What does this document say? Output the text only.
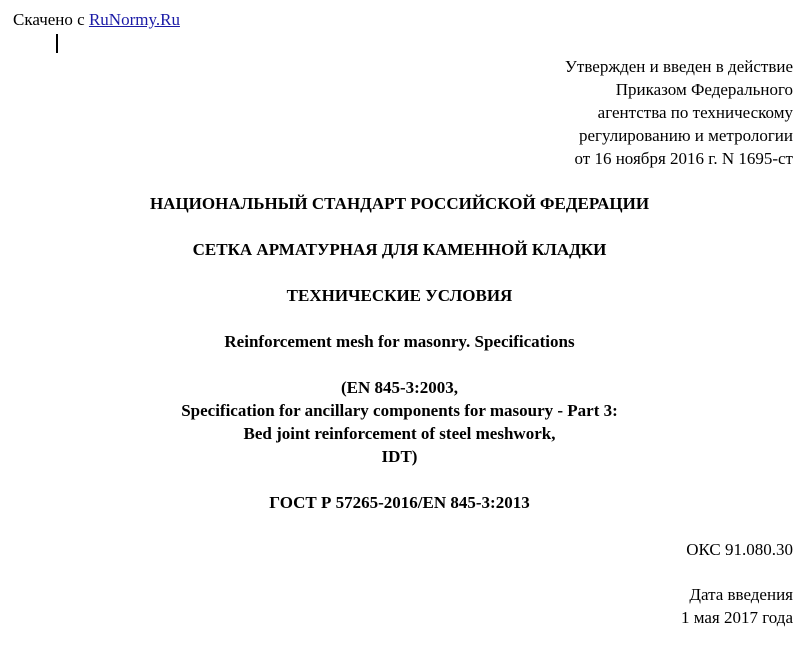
Скачено с RuNormy.Ru
Утвержден и введен в действие
Приказом Федерального
агентства по техническому
регулированию и метрологии
от 16 ноября 2016 г. N 1695-ст
НАЦИОНАЛЬНЫЙ СТАНДАРТ РОССИЙСКОЙ ФЕДЕРАЦИИ
СЕТКА АРМАТУРНАЯ ДЛЯ КАМЕННОЙ КЛАДКИ
ТЕХНИЧЕСКИЕ УСЛОВИЯ
Reinforcement mesh for masonry. Specifications
(EN 845-3:2003,
Specification for ancillary components for masoury - Part 3:
Bed joint reinforcement of steel meshwork,
IDT)
ГОСТ Р 57265-2016/EN 845-3:2013
ОКС 91.080.30
Дата введения
1 мая 2017 года
